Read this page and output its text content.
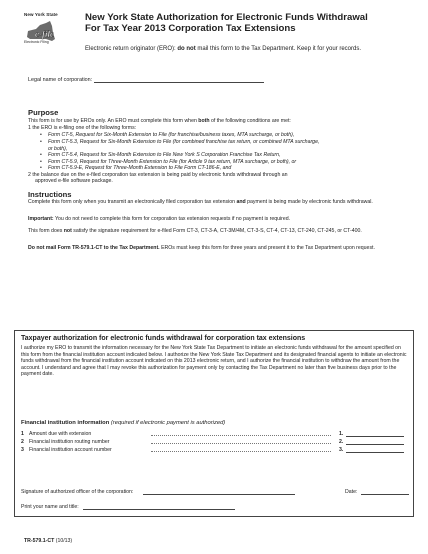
New York State
e-file
Electronic Filing
New York State Authorization for Electronic Funds Withdrawal
For Tax Year 2013 Corporation Tax Extensions
Electronic return originator (ERO): do not mail this form to the Tax Department. Keep it for your records.
Legal name of corporation:
Purpose
This form is for use by EROs only. An ERO must complete this form when both of the following conditions are met:
1 the ERO is e-filing one of the following forms:
• Form CT-5, Request for Six-Month Extension to File (for franchise/business taxes, MTA surcharge, or both),
• Form CT-5.3, Request for Six-Month Extension to File (for combined franchise tax return, or combined MTA surcharge,
or both),
• Form CT-5.4, Request for Six-Month Extension to File New York S Corporation Franchise Tax Return,
• Form CT-5.9, Request for Three-Month Extension to File (for Article 9 tax return, MTA surcharge, or both), or
• Form CT-5.9-E, Request for Three-Month Extension to File Form CT-186-E, and
2 the balance due on the e-filed corporation tax extension is being paid by electronic funds withdrawal through an
approved e-file software package.
Instructions
Complete this form only when you transmit an electronically filed corporation tax extension and payment is being made by electronic funds withdrawal.
Important: You do not need to complete this form for corporation tax extension requests if no payment is required.
This form does not satisfy the signature requirement for e-filed Form CT-3, CT-3-A, CT-3M/4M, CT-3-S, CT-4, CT-13, CT-240, CT-245, or CT-400.
Do not mail Form TR-579.1-CT to the Tax Department. EROs must keep this form for three years and present it to the Tax Department upon request.
Taxpayer authorization for electronic funds withdrawal for corporation tax extensions
I authorize my ERO to transmit the information necessary for the New York State Tax Department to initiate an electronic funds withdrawal for the amount specified on this form from the financial institution account indicated below. I authorize the New York State Tax Department and its designated financial agents to initiate an electronic funds withdrawal from the financial institution account indicated on this 2013 electronic return, and I authorize the financial institution to withdraw the amount from the account. I understand and agree that I may revoke this authorization for payment only by contacting the Tax Department no later than five business days prior to the payment date.
Financial institution information (required if electronic payment is authorized)
1 Amount due with extension	1.
2 Financial institution routing number	2.
3 Financial institution account number	3.
Signature of authorized officer of the corporation:	Date:
Print your name and title:
TR-579.1-CT (10/13)
